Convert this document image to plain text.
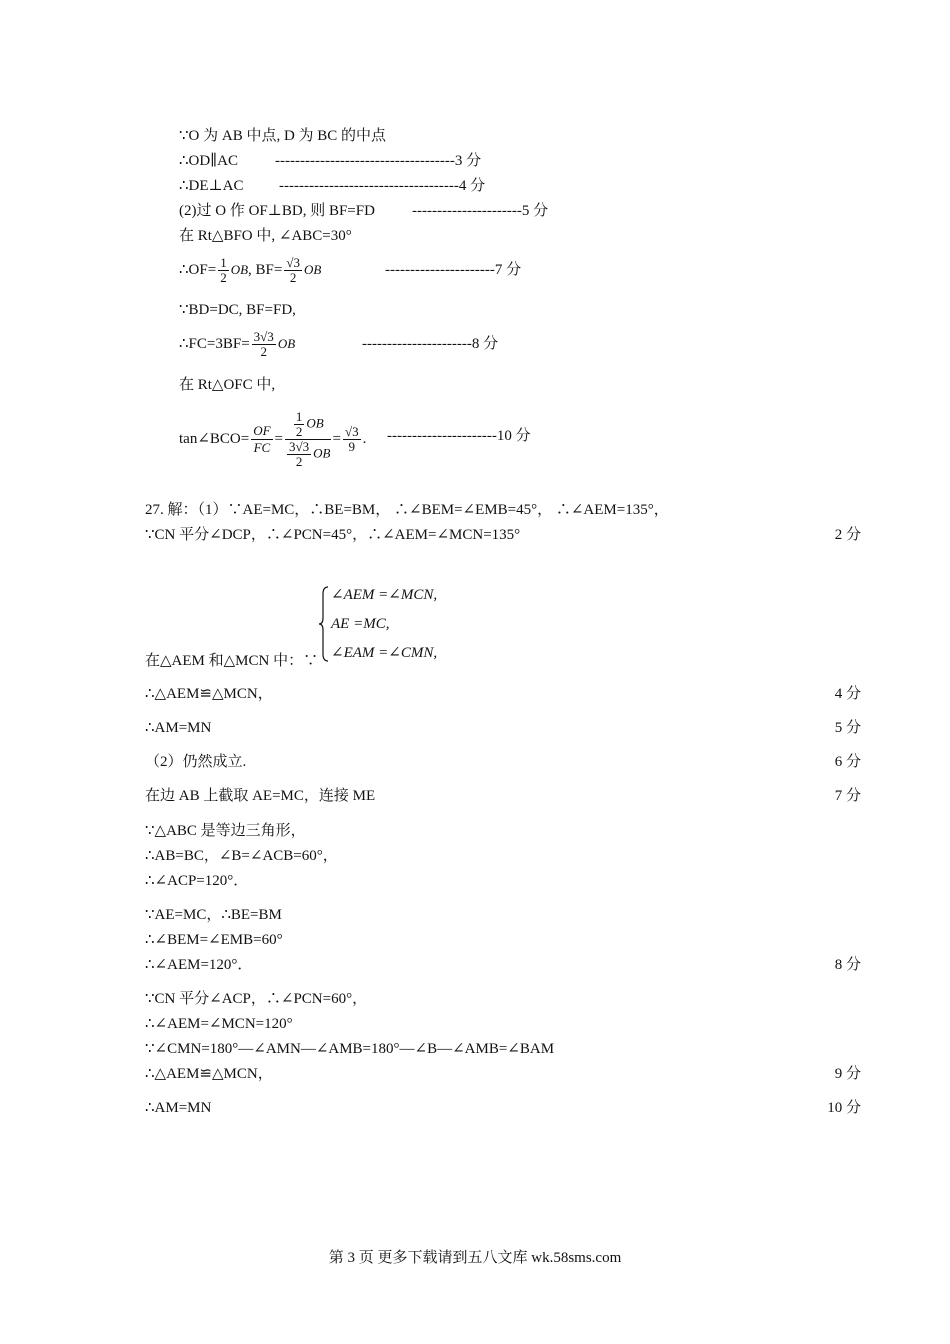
∵O 为 AB 中点, D 为 BC 的中点
∴OD∥AC ------------------------------------3 分
∴DE⊥AC ------------------------------------4 分
(2)过 O 作 OF⊥BD, 则 BF=FD ----------------------5 分
在 Rt△BFO 中, ∠ABC=30°
∴OF= $\frac{1}{2}$ OB, $BF= \frac{√3}{2}$ OB	----------------------7 分
∵BD=DC, BF=FD,
∴FC=3BF= $\frac{3√3}{2}$ OB	----------------------8 分
在 Rt△OFC 中,
tan∠BCO= $\frac{OF}{FC} = \frac{\frac{1}{2} OB}{\frac{3√3}{2} OB} = \frac{√3}{9}$ . ----------------------10 分
27. 解：（1）∵AE=MC，∴BE=BM， ∴∠BEM=∠EMB=45°， ∴∠AEM=135°，
∵CN 平分∠DCP，∴∠PCN=45°，∴∠AEM=∠MCN=135°	2 分
∠AEM =∠MCN,
AE =MC,
∠EAM =∠CMN,
在△AEM 和△MCN 中：∵
∴△AEM≌△MCN，	4 分
∴AM=MN	5 分
（2）仍然成立.	6 分
在边 AB 上截取 AE=MC，连接 ME	7 分
∵△ABC 是等边三角形，
∴AB=BC，∠B=∠ACB=60°，
∴∠ACP=120°．
∵AE=MC，∴BE=BM
∴∠BEM=∠EMB=60°
∴∠AEM=120°．	8 分
∵CN 平分∠ACP，∴∠PCN=60°，
∴∠AEM=∠MCN=120°
∵∠CMN=180°—∠AMN—∠AMB=180°—∠B—∠AMB=∠BAM
∴△AEM≌△MCN，	9 分
∴AM=MN	10 分
第 3 页 更多下载请到五八文库 wk.58sms.com
